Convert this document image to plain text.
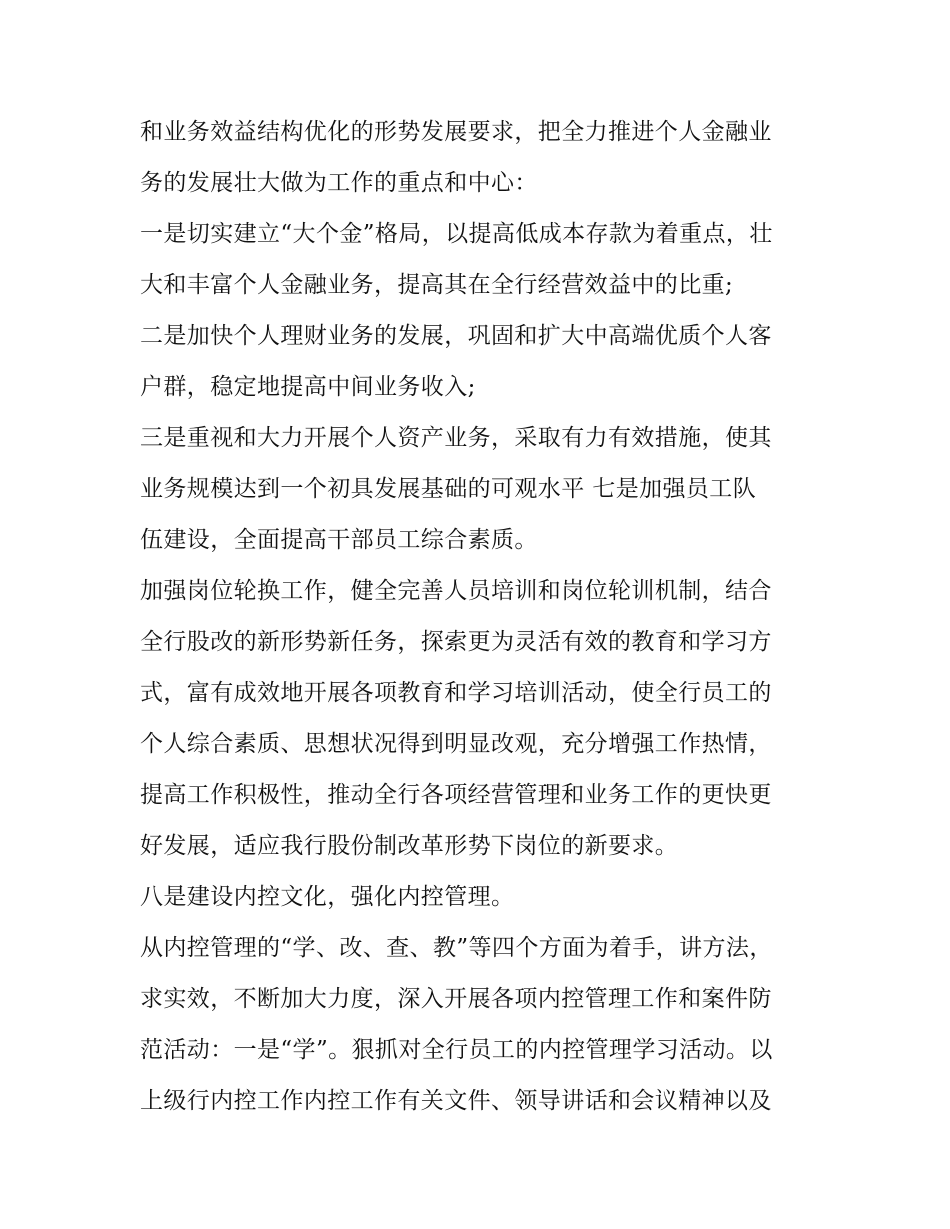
和业务效益结构优化的形势发展要求，把全力推进个人金融业
务的发展壮大做为工作的重点和中心：
一是切实建立“大个金”格局，以提高低成本存款为着重点，壮
大和丰富个人金融业务，提高其在全行经营效益中的比重;
二是加快个人理财业务的发展，巩固和扩大中高端优质个人客
户群，稳定地提高中间业务收入;
三是重视和大力开展个人资产业务，采取有力有效措施，使其
业务规模达到一个初具发展基础的可观水平 七是加强员工队
伍建设，全面提高干部员工综合素质。
加强岗位轮换工作，健全完善人员培训和岗位轮训机制，结合
全行股改的新形势新任务，探索更为灵活有效的教育和学习方
式，富有成效地开展各项教育和学习培训活动，使全行员工的
个人综合素质、思想状况得到明显改观，充分增强工作热情，
提高工作积极性，推动全行各项经营管理和业务工作的更快更
好发展，适应我行股份制改革形势下岗位的新要求。
八是建设内控文化，强化内控管理。
从内控管理的“学、改、查、教”等四个方面为着手，讲方法，
求实效，不断加大力度，深入开展各项内控管理工作和案件防
范活动：一是“学”。狠抓对全行员工的内控管理学习活动。以
上级行内控工作内控工作有关文件、领导讲话和会议精神以及
